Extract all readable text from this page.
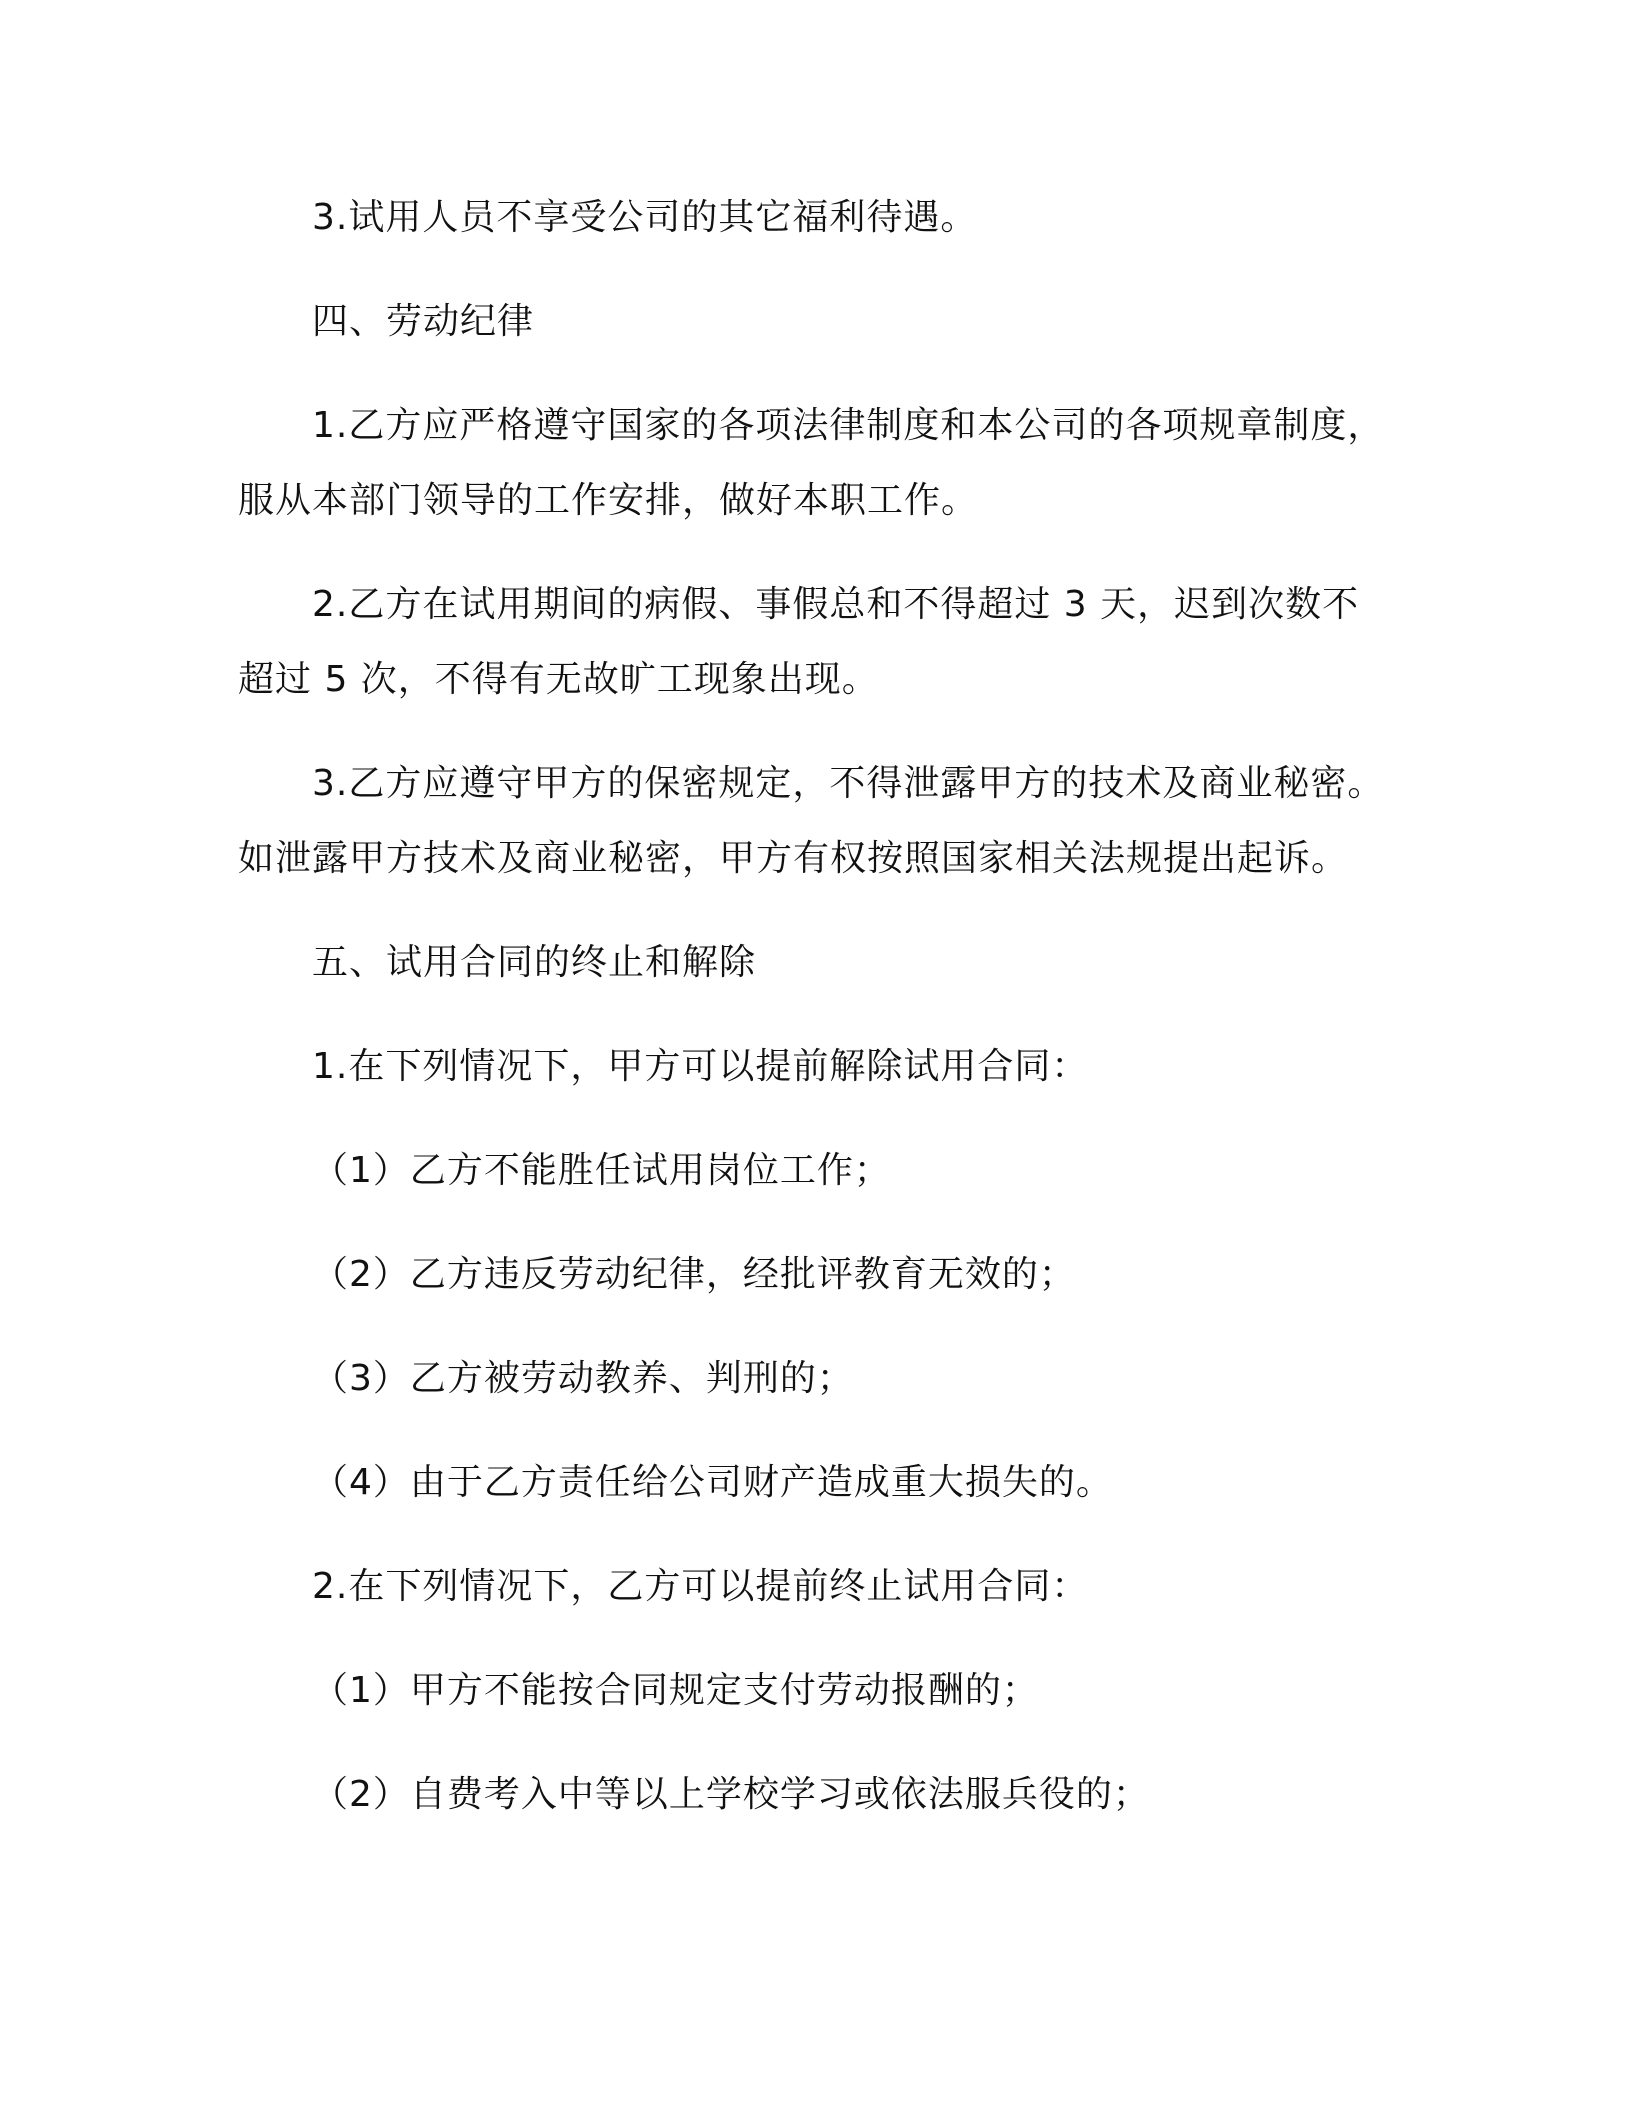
3.试用人员不享受公司的其它福利待遇。
四、劳动纪律
1.乙方应严格遵守国家的各项法律制度和本公司的各项规章制度，
服从本部门领导的工作安排，做好本职工作。
2.乙方在试用期间的病假、事假总和不得超过 3 天，迟到次数不
超过 5 次，不得有无故旷工现象出现。
3.乙方应遵守甲方的保密规定，不得泄露甲方的技术及商业秘密。
如泄露甲方技术及商业秘密，甲方有权按照国家相关法规提出起诉。
五、试用合同的终止和解除
1.在下列情况下，甲方可以提前解除试用合同：
（1）乙方不能胜任试用岗位工作；
（2）乙方违反劳动纪律，经批评教育无效的；
（3）乙方被劳动教养、判刑的；
（4）由于乙方责任给公司财产造成重大损失的。
2.在下列情况下，乙方可以提前终止试用合同：
（1）甲方不能按合同规定支付劳动报酬的；
（2）自费考入中等以上学校学习或依法服兵役的；
